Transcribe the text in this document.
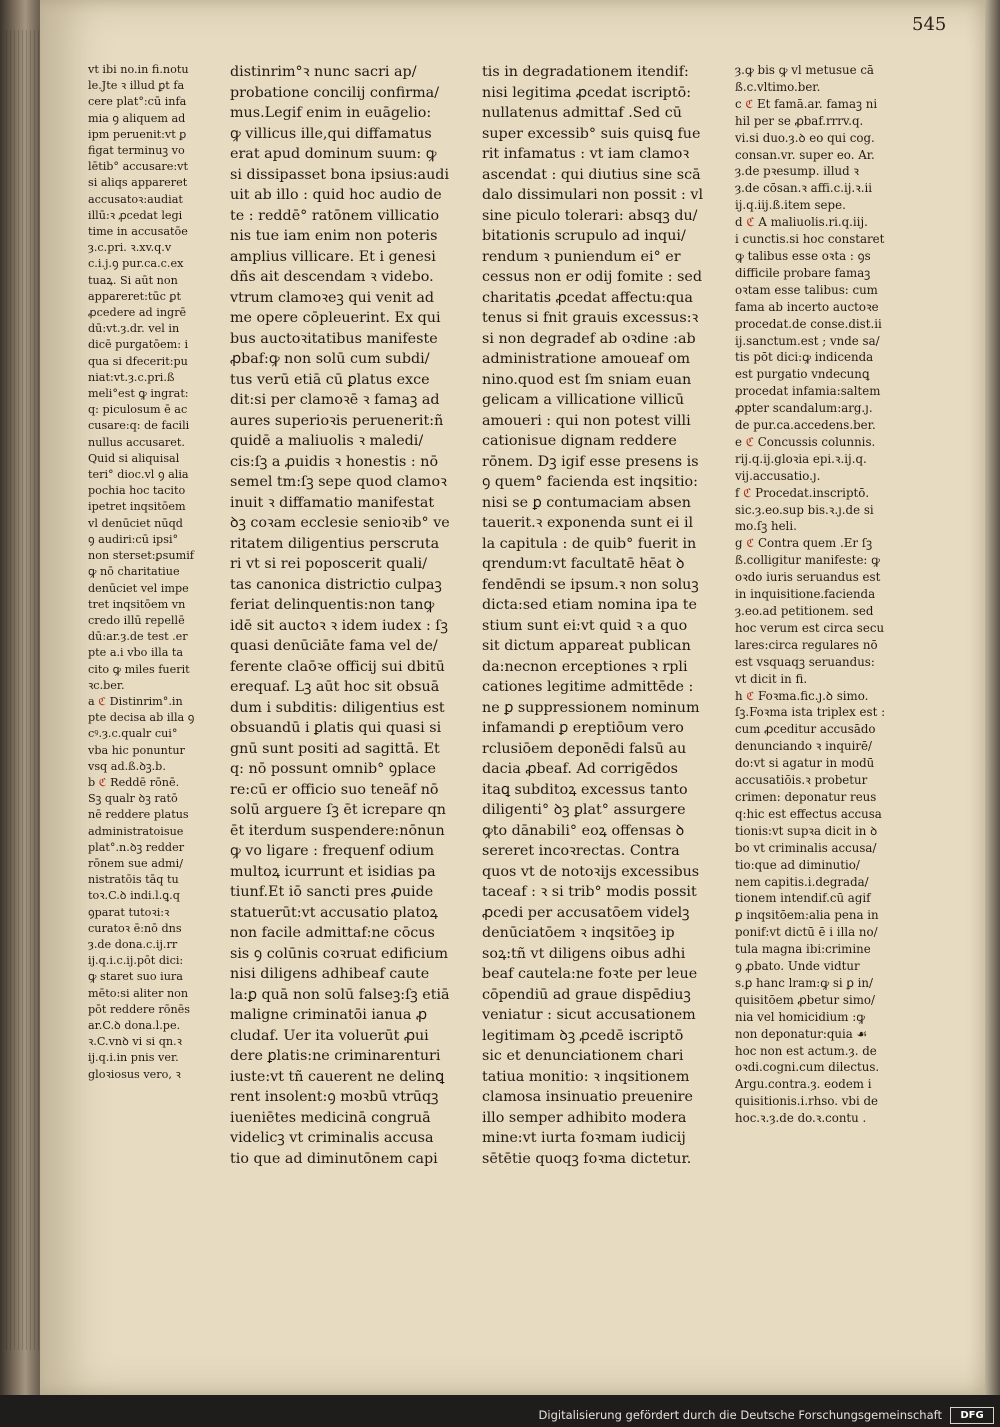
545

vt ibi no.in fi.notu

le.Jte ꝛ illud ꝑt fa

cere plat°:cū infa

mia ꝯ aliquem ad

ipm peruenit:vt ꝑ

figat terminuꝫ vo

lētib° accusare:vt

si aliqs appareret

accusatoꝛ:audiat

illū:ꝛ ꝓcedat legi

time in accusatōe

ȝ.c.pri. ꝛ.xv.q.v

c.i.j.ꝯ pur.ca.c.ex

tuaꝝ. Si aūt non

appareret:tūc ꝑt

ꝓcedere ad ingrē

dū:vt.ȝ.dr. vel in

dicē purgatōem: i

qua si dfecerit:pu

niat:vt.ȝ.c.pri.ß

meli°est ꝙ ingrat:

q: piculosum ē ac

cusare:q: de facili

nullus accusaret.

Quid si aliquisal

teri° dioc.vl ꝯ alia

pochia hoc tacito

ipetret inqsitōem

vl denūciet nūqd

ꝯ audiri:cū ipsi°

non sterset:ꝑsumif

ꝙ nō charitatiue

denūciet vel impe

tret inqsitōem vn

credo illū repellē

dū:ar.ȝ.de test .er

pte a.i vbo illa ta

cito ꝙ miles fuerit

ꝛc.ber.

a ℭ Distinrim°.in

pte decisa ab illa ꝯ

cꝰ.ȝ.c.qualr cui°

vba hic ponuntur

vsq ad.ß.ꝺꝫ.b.

b ℭ Reddē rōnē.

Sꝫ qualr ꝺꝫ ratō

nē reddere platus

administratoisue

plat°.n.ꝺꝫ redder

rōnem sue admi/

nistratōis tāq tu

toꝛ.C.ꝺ indi.l.ꝗ.q

ꝯparat tutoꝛi:ꝛ

curatoꝛ ē:nō dns

ȝ.de dona.c.ij.rr

ij.q.i.c.ij.pōt dici:

ꝙ staret suo iura

mēto:si aliter non

pōt reddere rōnēs

ar.C.ꝺ dona.l.pe.

ꝛ.C.vnꝺ vi si qn.ꝛ

ij.q.i.in pnis ver.

gloꝛiosus vero, ꝛ

distinrim°ꝛ nunc sacri ap/

probatione concilij confirma/

mus.Legif enim in euāgelio:

ꝙ villicus ille,qui diffamatus

erat apud dominum suum: ꝙ

si dissipasset bona ipsius:audi

uit ab illo : quid hoc audio de

te : reddē° ratōnem villicatio

nis tue iam enim non poteris

amplius villicare. Et i genesi

dñs ait descendam ꝛ videbo.

vtrum clamoꝛeꝫ qui venit ad

me opere cōpleuerint. Ex qui

bus auctoꝛitatibus manifeste

ꝓbaf:ꝙ non solū cum subdi/

tus verū etiā cū ꝑlatus exce

dit:si per clamoꝛē ꝛ famaꝫ ad

aures superioꝛis peruenerit:ñ

quidē a maliuolis ꝛ maledi/

cis:ſꝫ a ꝓuidis ꝛ honestis : nō

semel tm:ſꝫ sepe quod clamoꝛ

inuit ꝛ diffamatio manifestat

ꝺꝫ coꝛam ecclesie senioꝛib° ve

ritatem diligentius perscruta

ri vt si rei poposcerit quali/

tas canonica districtio culpaꝫ

feriat delinquentis:non tanꝙ

idē sit auctoꝛ ꝛ idem iudex : ſꝫ

quasi denūciāte fama vel de/

ferente claōꝛe officij sui dbitū

erequaf. Lꝫ aūt hoc sit obsuā

dum i subditis: diligentius est

obsuandū i ꝑlatis qui quasi si

gnū sunt positi ad sagittā. Et

q: nō possunt omnib° ꝯplace

re:cū er officio suo teneāf nō

solū arguere ſꝫ ēt icrepare qn

ēt iterdum suspendere:nōnun

ꝙ vo ligare : frequenf odium

multoꝝ icurrunt et isidias pa

tiunf.Et iō sancti pres ꝓuide

statuerūt:vt accusatio platoꝝ

non facile admittaf:ne cōcus

sis ꝯ colūnis coꝛruat edificium

nisi diligens adhibeaf caute

la:ꝑ quā non solū falseꝫ:ſꝫ etiā

maligne criminatōi ianua ꝓ

cludaf. Uer ita voluerūt ꝓui

dere ꝑlatis:ne criminarenturi

iuste:vt tñ cauerent ne delinꝗ

rent insolent:ꝯ moꝛbū vtrūqꝫ

iueniētes medicinā congruā

videlicꝫ vt criminalis accusa

tio que ad diminutōnem capi

tis in degradationem itendif:

nisi legitima ꝓcedat iscriptō:

nullatenus admittaf .Sed cū

super excessib° suis quisꝗ fue

rit infamatus : vt iam clamoꝛ

ascendat : qui diutius sine scā

dalo dissimulari non possit : vl

sine piculo tolerari: absqꝫ du/

bitationis scrupulo ad inqui/

rendum ꝛ puniendum ei° er

cessus non er odij fomite : sed

charitatis ꝓcedat affectu:qua

tenus si fnit grauis excessus:ꝛ

si non degradef ab oꝛdine :ab

administratione amoueaf om

nino.quod est ſm sniam euan

gelicam a villicatione villicū

amoueri : qui non potest villi

cationisue dignam reddere

rōnem. Dꝫ igif esse presens is

ꝯ quem° facienda est inqsitio:

nisi se ꝑ contumaciam absen

tauerit.ꝛ exponenda sunt ei il

la capitula : de quib° fuerit in

qrendum:vt facultatē hēat ꝺ

fendēndi se ipsum.ꝛ non soluꝫ

dicta:sed etiam nomina ipa te

stium sunt ei:vt quid ꝛ a quo

sit dictum appareat publican

da:necnon erceptiones ꝛ rpli

cationes legitime admittēde :

ne ꝑ suppressionem nominum

infamandi ꝑ ereptiōum vero

rclusiōem deponēdi falsū au

dacia ꝓbeaf. Ad corrigēdos

itaꝗ subditoꝝ excessus tanto

diligenti° ꝺꝫ ꝑlat° assurgere

ꝙto dānabili° eoꝝ offensas ꝺ

sereret incoꝛrectas. Contra

quos vt de notoꝛijs excessibus

taceaf : ꝛ si trib° modis possit

ꝓcedi per accusatōem videlꝫ

denūciatōem ꝛ inqsitōeꝫ ip

soꝝ:tñ vt diligens oibus adhi

beaf cautela:ne foꝛte per leue

cōpendiū ad graue dispēdiuꝫ

veniatur : sicut accusationem

legitimam ꝺꝫ ꝓcedē iscriptō

sic et denunciationem chari

tatiua monitio: ꝛ inqsitionem

clamosa insinuatio preuenire

illo semper adhibito modera

mine:vt iurta foꝛmam iudicij

sētētie quoqꝫ foꝛma dictetur.

ȝ.ꝙ bis ꝙ vl metusue cā

ß.c.vltimo.ber.

c ℭ Et famā.ar. famaꝫ ni

hil per se ꝓbaf.rrrv.q.

vi.si duo.ȝ.ꝺ eo qui cog.

consan.vr. super eo. Ar.

ȝ.de pꝛesump. illud ꝛ

ȝ.de cōsan.ꝛ affi.c.ij.ꝛ.ii

ij.q.iij.ß.item sepe.

d ℭ A maliuolis.ri.q.iij.

i cunctis.si hoc constaret

ꝙ talibus esse oꝛta : ꝯs

difficile probare famaꝫ

oꝛtam esse talibus: cum

fama ab incerto auctoꝛe

procedat.de conse.dist.ii

ij.sanctum.est ; vnde sa/

tis pōt dici:ꝙ indicenda

est purgatio vndecunꝗ

procedat infamia:saltem

ꝓpter scandalum:arg.ȷ.

de pur.ca.accedens.ber.

e ℭ Concussis colunnis.

rij.q.ij.gloꝛia epi.ꝛ.ij.q.

vij.accusatio.ȷ.

f ℭ Procedat.inscriptō.

sic.ȝ.eo.sup bis.ꝛ.ȷ.de si

mo.ſꝫ heli.

g ℭ Contra quem .Er ſꝫ

ß.colligitur manifeste: ꝙ

oꝛdo iuris seruandus est

in inquisitione.facienda

ȝ.eo.ad petitionem. sed

hoc verum est circa secu

lares:circa regulares nō

est vsquaqꝫ seruandus:

vt dicit in fi.

h ℭ Foꝛma.fic.ȷ.ꝺ simo.

ſꝫ.Foꝛma ista triplex est :

cum ꝓceditur accusādo

denunciando ꝛ inquirē/

do:vt si agatur in modū

accusatiōis.ꝛ probetur

crimen: deponatur reus

q:hic est effectus accusa

tionis:vt supꝛa dicit in ꝺ

bo vt criminalis accusa/

tio:que ad diminutio/

nem capitis.i.degrada/

tionem intendif.cū agif

ꝑ inqsitōem:alia pena in

ponif:vt dictū ē i illa no/

tula magna ibi:crimine

ꝯ ꝓbato. Unde vidtur

s.ꝑ hanc lram:ꝙ si ꝑ in/

quisitōem ꝓbetur simo/

nia vel homicidium :ꝙ

non deponatur:quia ☙

hoc non est actum.ȝ. de

oꝛdi.cogni.cum dilectus.

Argu.contra.ȝ. eodem i

quisitionis.i.rhso. vbi de

hoc.ꝛ.ȝ.de do.ꝛ.contu .

Digitalisierung gefördert durch die Deutsche Forschungsgemeinschaft	DFG
